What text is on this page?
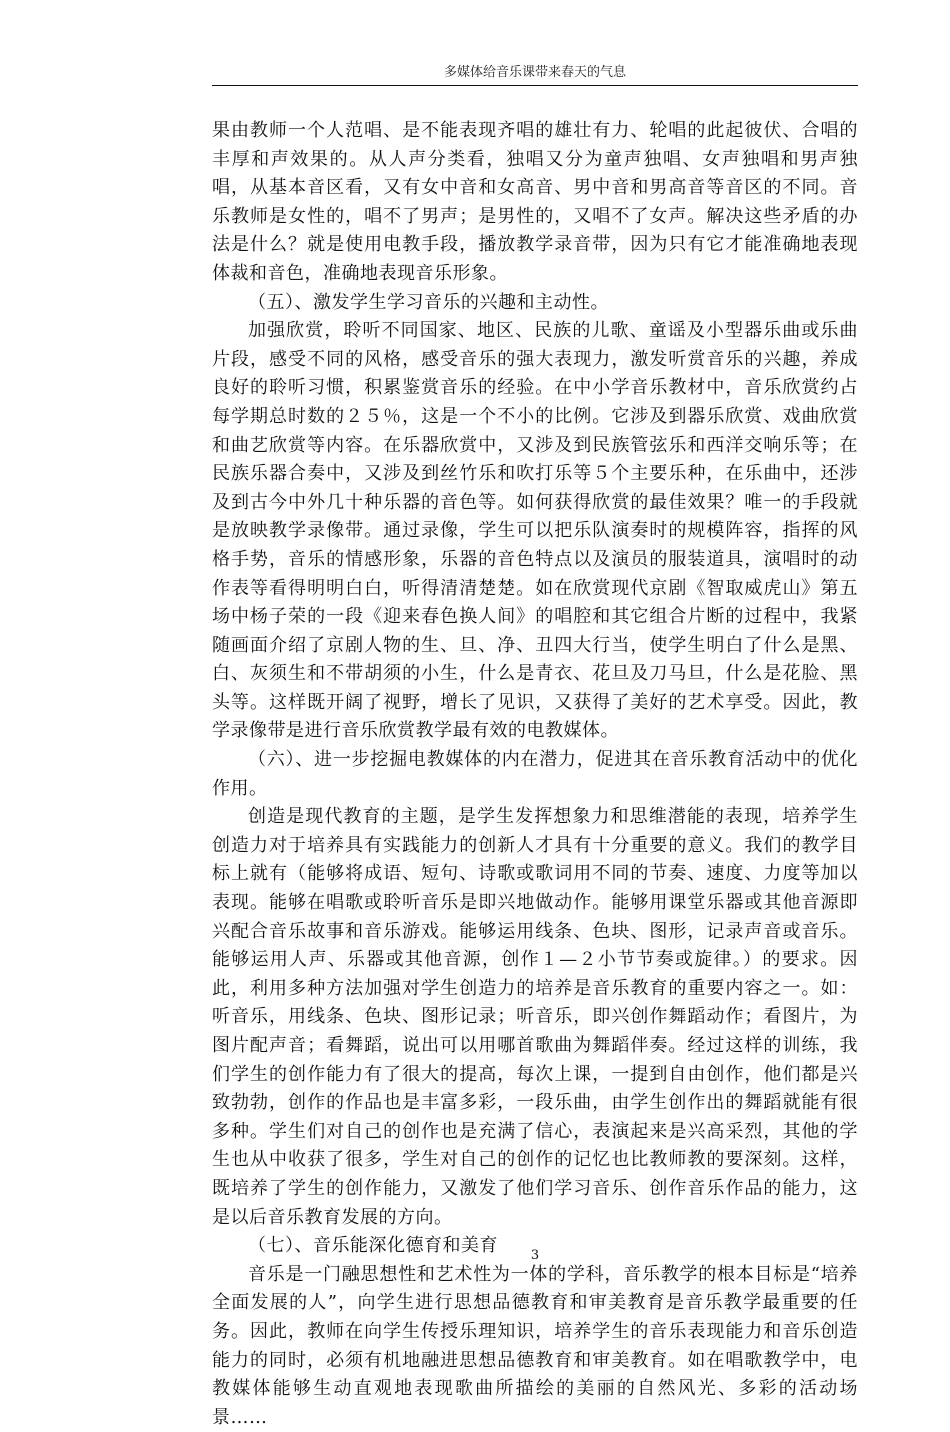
多媒体给音乐课带来春天的气息

果由教师一个人范唱、是不能表现齐唱的雄壮有力、轮唱的此起彼伏、合唱的丰厚和声效果的。从人声分类看，独唱又分为童声独唱、女声独唱和男声独唱，从基本音区看，又有女中音和女高音、男中音和男高音等音区的不同。音乐教师是女性的，唱不了男声；是男性的，又唱不了女声。解决这些矛盾的办法是什么？就是使用电教手段，播放教学录音带，因为只有它才能准确地表现体裁和音色，准确地表现音乐形象。

（五）、激发学生学习音乐的兴趣和主动性。

加强欣赏，聆听不同国家、地区、民族的儿歌、童谣及小型器乐曲或乐曲片段，感受不同的风格，感受音乐的强大表现力，激发听赏音乐的兴趣，养成良好的聆听习惯，积累鉴赏音乐的经验。在中小学音乐教材中，音乐欣赏约占每学期总时数的２５％，这是一个不小的比例。它涉及到器乐欣赏、戏曲欣赏和曲艺欣赏等内容。在乐器欣赏中，又涉及到民族管弦乐和西洋交响乐等；在民族乐器合奏中，又涉及到丝竹乐和吹打乐等５个主要乐种，在乐曲中，还涉及到古今中外几十种乐器的音色等。如何获得欣赏的最佳效果？唯一的手段就是放映教学录像带。通过录像，学生可以把乐队演奏时的规模阵容，指挥的风格手势，音乐的情感形象，乐器的音色特点以及演员的服装道具，演唱时的动作表等看得明明白白，听得清清楚楚。如在欣赏现代京剧《智取威虎山》第五场中杨子荣的一段《迎来春色换人间》的唱腔和其它组合片断的过程中，我紧随画面介绍了京剧人物的生、旦、净、丑四大行当，使学生明白了什么是黑、白、灰须生和不带胡须的小生，什么是青衣、花旦及刀马旦，什么是花脸、黑头等。这样既开阔了视野，增长了见识，又获得了美好的艺术享受。因此，教学录像带是进行音乐欣赏教学最有效的电教媒体。

（六）、进一步挖掘电教媒体的内在潜力，促进其在音乐教育活动中的优化作用。

创造是现代教育的主题，是学生发挥想象力和思维潜能的表现，培养学生创造力对于培养具有实践能力的创新人才具有十分重要的意义。我们的教学目标上就有（能够将成语、短句、诗歌或歌词用不同的节奏、速度、力度等加以表现。能够在唱歌或聆听音乐是即兴地做动作。能够用课堂乐器或其他音源即兴配合音乐故事和音乐游戏。能够运用线条、色块、图形，记录声音或音乐。能够运用人声、乐器或其他音源，创作１—２小节节奏或旋律。）的要求。因此，利用多种方法加强对学生创造力的培养是音乐教育的重要内容之一。如：听音乐，用线条、色块、图形记录；听音乐，即兴创作舞蹈动作；看图片，为图片配声音；看舞蹈，说出可以用哪首歌曲为舞蹈伴奏。经过这样的训练，我们学生的创作能力有了很大的提高，每次上课，一提到自由创作，他们都是兴致勃勃，创作的作品也是丰富多彩，一段乐曲，由学生创作出的舞蹈就能有很多种。学生们对自己的创作也是充满了信心，表演起来是兴高采烈，其他的学生也从中收获了很多，学生对自己的创作的记忆也比教师教的要深刻。这样，既培养了学生的创作能力，又激发了他们学习音乐、创作音乐作品的能力，这是以后音乐教育发展的方向。

（七）、音乐能深化德育和美育

音乐是一门融思想性和艺术性为一体的学科，音乐教学的根本目标是“培养全面发展的人”，向学生进行思想品德教育和审美教育是音乐教学最重要的任务。因此，教师在向学生传授乐理知识，培养学生的音乐表现能力和音乐创造能力的同时，必须有机地融进思想品德教育和审美教育。如在唱歌教学中，电教媒体能够生动直观地表现歌曲所描绘的美丽的自然风光、多彩的活动场景……

3
